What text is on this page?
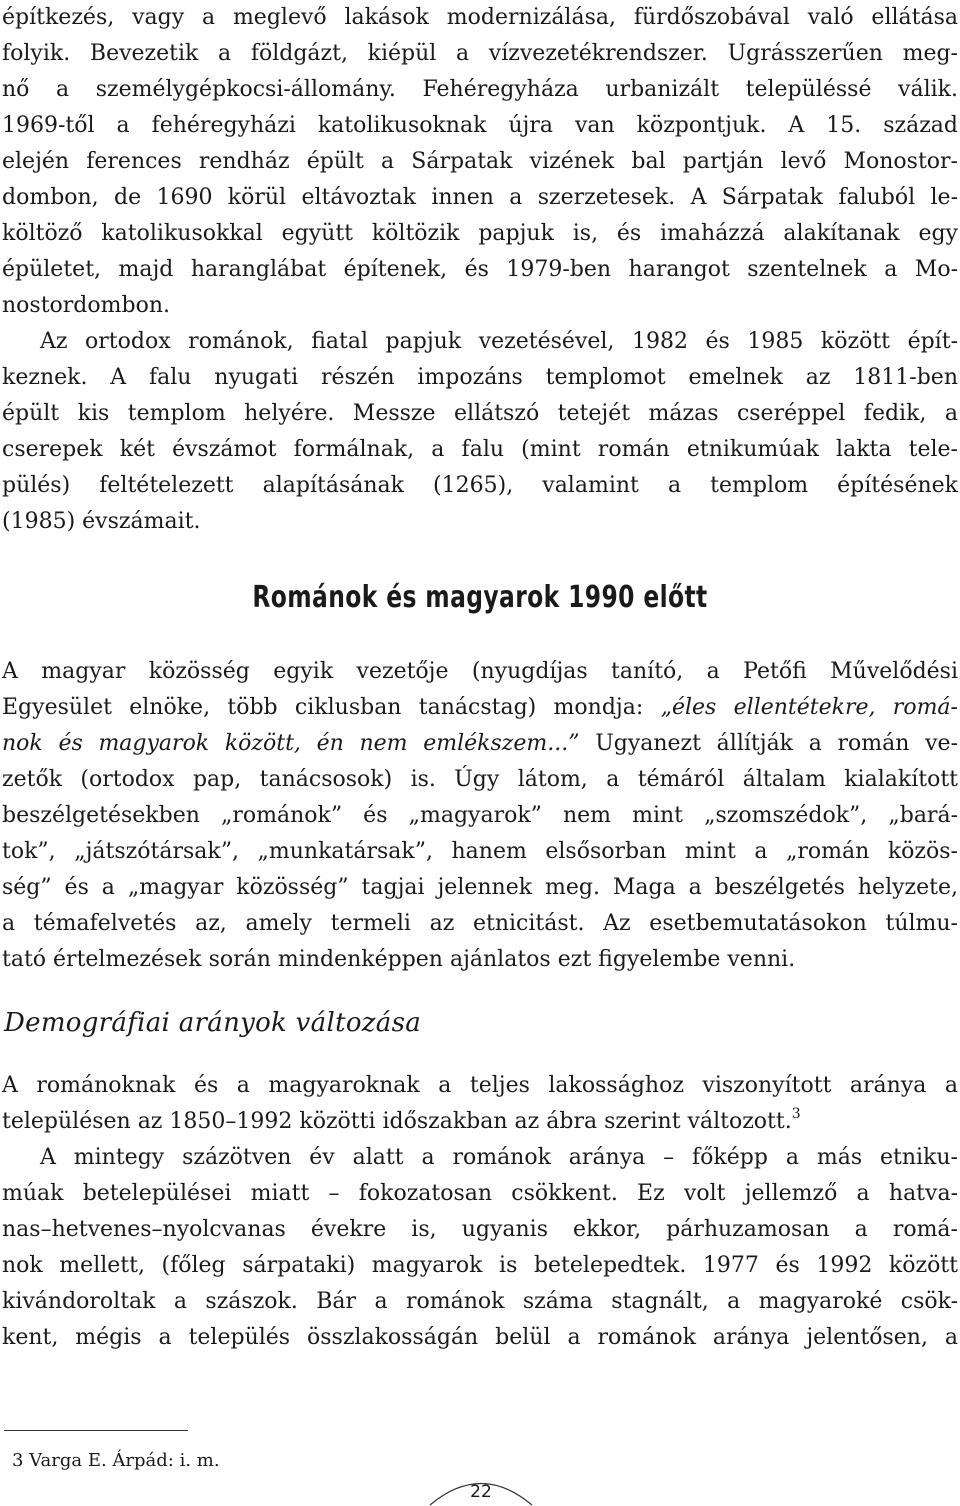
építkezés, vagy a meglevő lakások modernizálása, fürdőszobával való ellátása
folyik. Bevezetik a földgázt, kiépül a vízvezetékrendszer. Ugrásszerűen meg-
nő a személygépkocsi-állomány. Fehéregyháza urbanizált településsé válik.
1969-től a fehéregyházi katolikusoknak újra van központjuk. A 15. század
elején ferences rendház épült a Sárpatak vizének bal partján levő Monostor-
dombon, de 1690 körül eltávoztak innen a szerzetesek. A Sárpatak faluból le-
költöző katolikusokkal együtt költözik papjuk is, és imaházzá alakítanak egy
épületet, majd haranglábat építenek, és 1979-ben harangot szentelnek a Mo-
nostordombon.
Az ortodox románok, fiatal papjuk vezetésével, 1982 és 1985 között épít-
keznek. A falu nyugati részén impozáns templomot emelnek az 1811-ben
épült kis templom helyére. Messze ellátszó tetejét mázas cseréppel fedik, a
cserepek két évszámot formálnak, a falu (mint román etnikumúak lakta tele-
pülés) feltételezett alapításának (1265), valamint a templom építésének
(1985) évszámait.
Románok és magyarok 1990 előtt
A magyar közösség egyik vezetője (nyugdíjas tanító, a Petőfi Művelődési
Egyesület elnöke, több ciklusban tanácstag) mondja: „éles ellentétekre, romá-
nok és magyarok között, én nem emlékszem...” Ugyanezt állítják a román ve-
zetők (ortodox pap, tanácsosok) is. Úgy látom, a témáról általam kialakított
beszélgetésekben „románok” és „magyarok” nem mint „szomszédok”, „bará-
tok”, „játszótársak”, „munkatársak”, hanem elsősorban mint a „román közös-
ség” és a „magyar közösség” tagjai jelennek meg. Maga a beszélgetés helyzete,
a témafelvetés az, amely termeli az etnicitást. Az esetbemutatásokon túlmu-
tató értelmezések során mindenképpen ajánlatos ezt figyelembe venni.
Demográfiai arányok változása
A románoknak és a magyaroknak a teljes lakossághoz viszonyított aránya a
településen az 1850–1992 közötti időszakban az ábra szerint változott.$^3$
A mintegy százötven év alatt a románok aránya – főképp a más etniku-
múak betelepülései miatt – fokozatosan csökkent. Ez volt jellemző a hatva-
nas–hetvenes–nyolcvanas évekre is, ugyanis ekkor, párhuzamosan a romá-
nok mellett, (főleg sárpataki) magyarok is betelepedtek. 1977 és 1992 között
kivándoroltak a szászok. Bár a románok száma stagnált, a magyaroké csök-
kent, mégis a település összlakosságán belül a románok aránya jelentősen, a
3 Varga E. Árpád: i. m.
22
